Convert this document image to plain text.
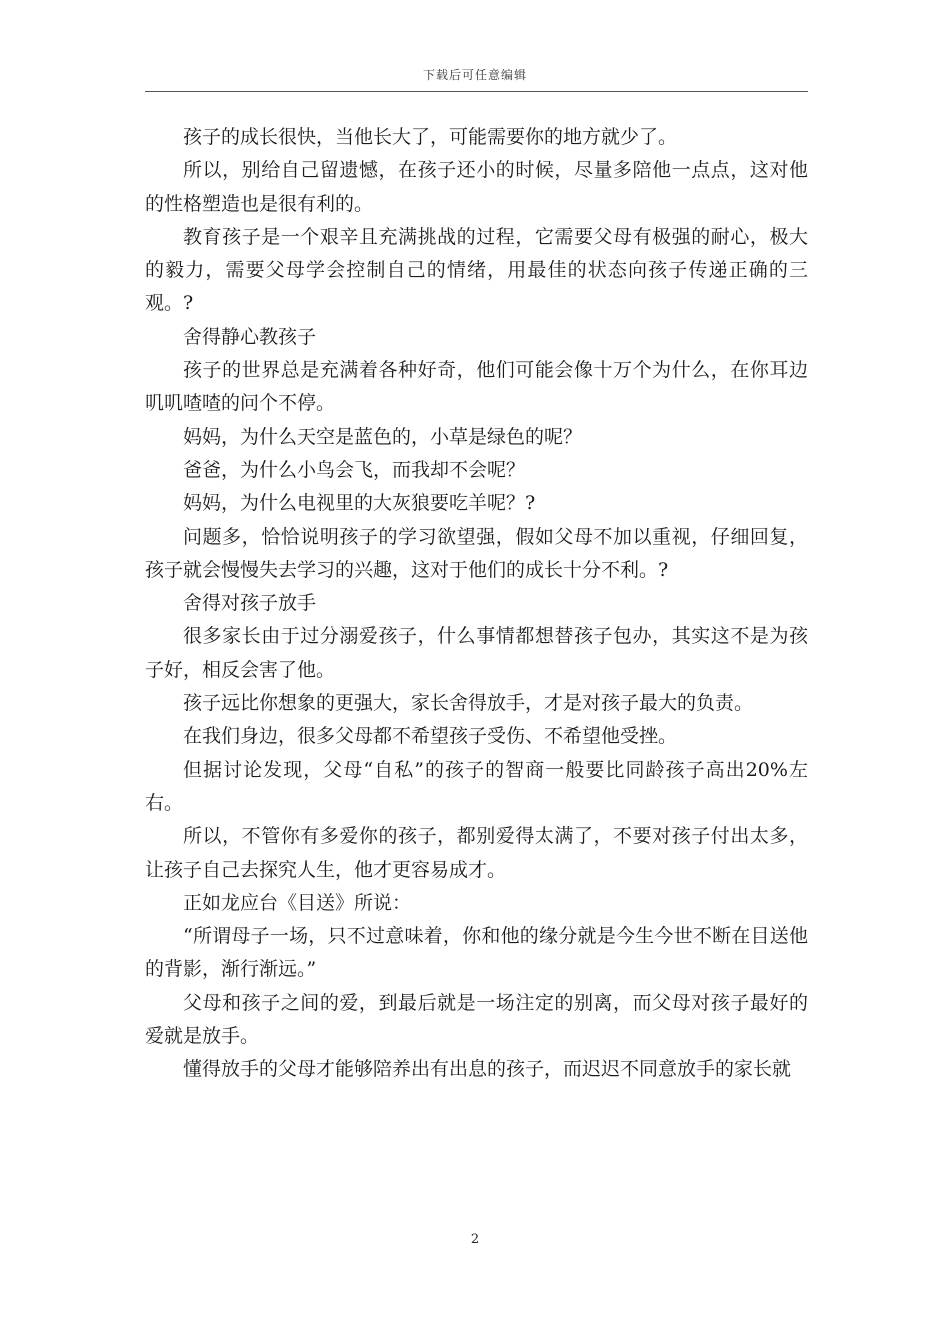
下载后可任意编辑

孩子的成长很快，当他长大了，可能需要你的地方就少了。

所以，别给自己留遗憾，在孩子还小的时候，尽量多陪他一点点，这对他的性格塑造也是很有利的。

教育孩子是一个艰辛且充满挑战的过程，它需要父母有极强的耐心，极大的毅力，需要父母学会控制自己的情绪，用最佳的状态向孩子传递正确的三观。?

舍得静心教孩子

孩子的世界总是充满着各种好奇，他们可能会像十万个为什么，在你耳边叽叽喳喳的问个不停。

妈妈，为什么天空是蓝色的，小草是绿色的呢？

爸爸，为什么小鸟会飞，而我却不会呢？

妈妈，为什么电视里的大灰狼要吃羊呢？?

问题多，恰恰说明孩子的学习欲望强，假如父母不加以重视，仔细回复，孩子就会慢慢失去学习的兴趣，这对于他们的成长十分不利。?

舍得对孩子放手

很多家长由于过分溺爱孩子，什么事情都想替孩子包办，其实这不是为孩子好，相反会害了他。

孩子远比你想象的更强大，家长舍得放手，才是对孩子最大的负责。

在我们身边，很多父母都不希望孩子受伤、不希望他受挫。

但据讨论发现，父母“自私”的孩子的智商一般要比同龄孩子高出20%左右。

所以，不管你有多爱你的孩子，都别爱得太满了，不要对孩子付出太多，让孩子自己去探究人生，他才更容易成才。

正如龙应台《目送》所说：

“所谓母子一场，只不过意味着，你和他的缘分就是今生今世不断在目送他的背影，渐行渐远。”

父母和孩子之间的爱，到最后就是一场注定的别离，而父母对孩子最好的爱就是放手。

懂得放手的父母才能够陪养出有出息的孩子，而迟迟不同意放手的家长就

2
